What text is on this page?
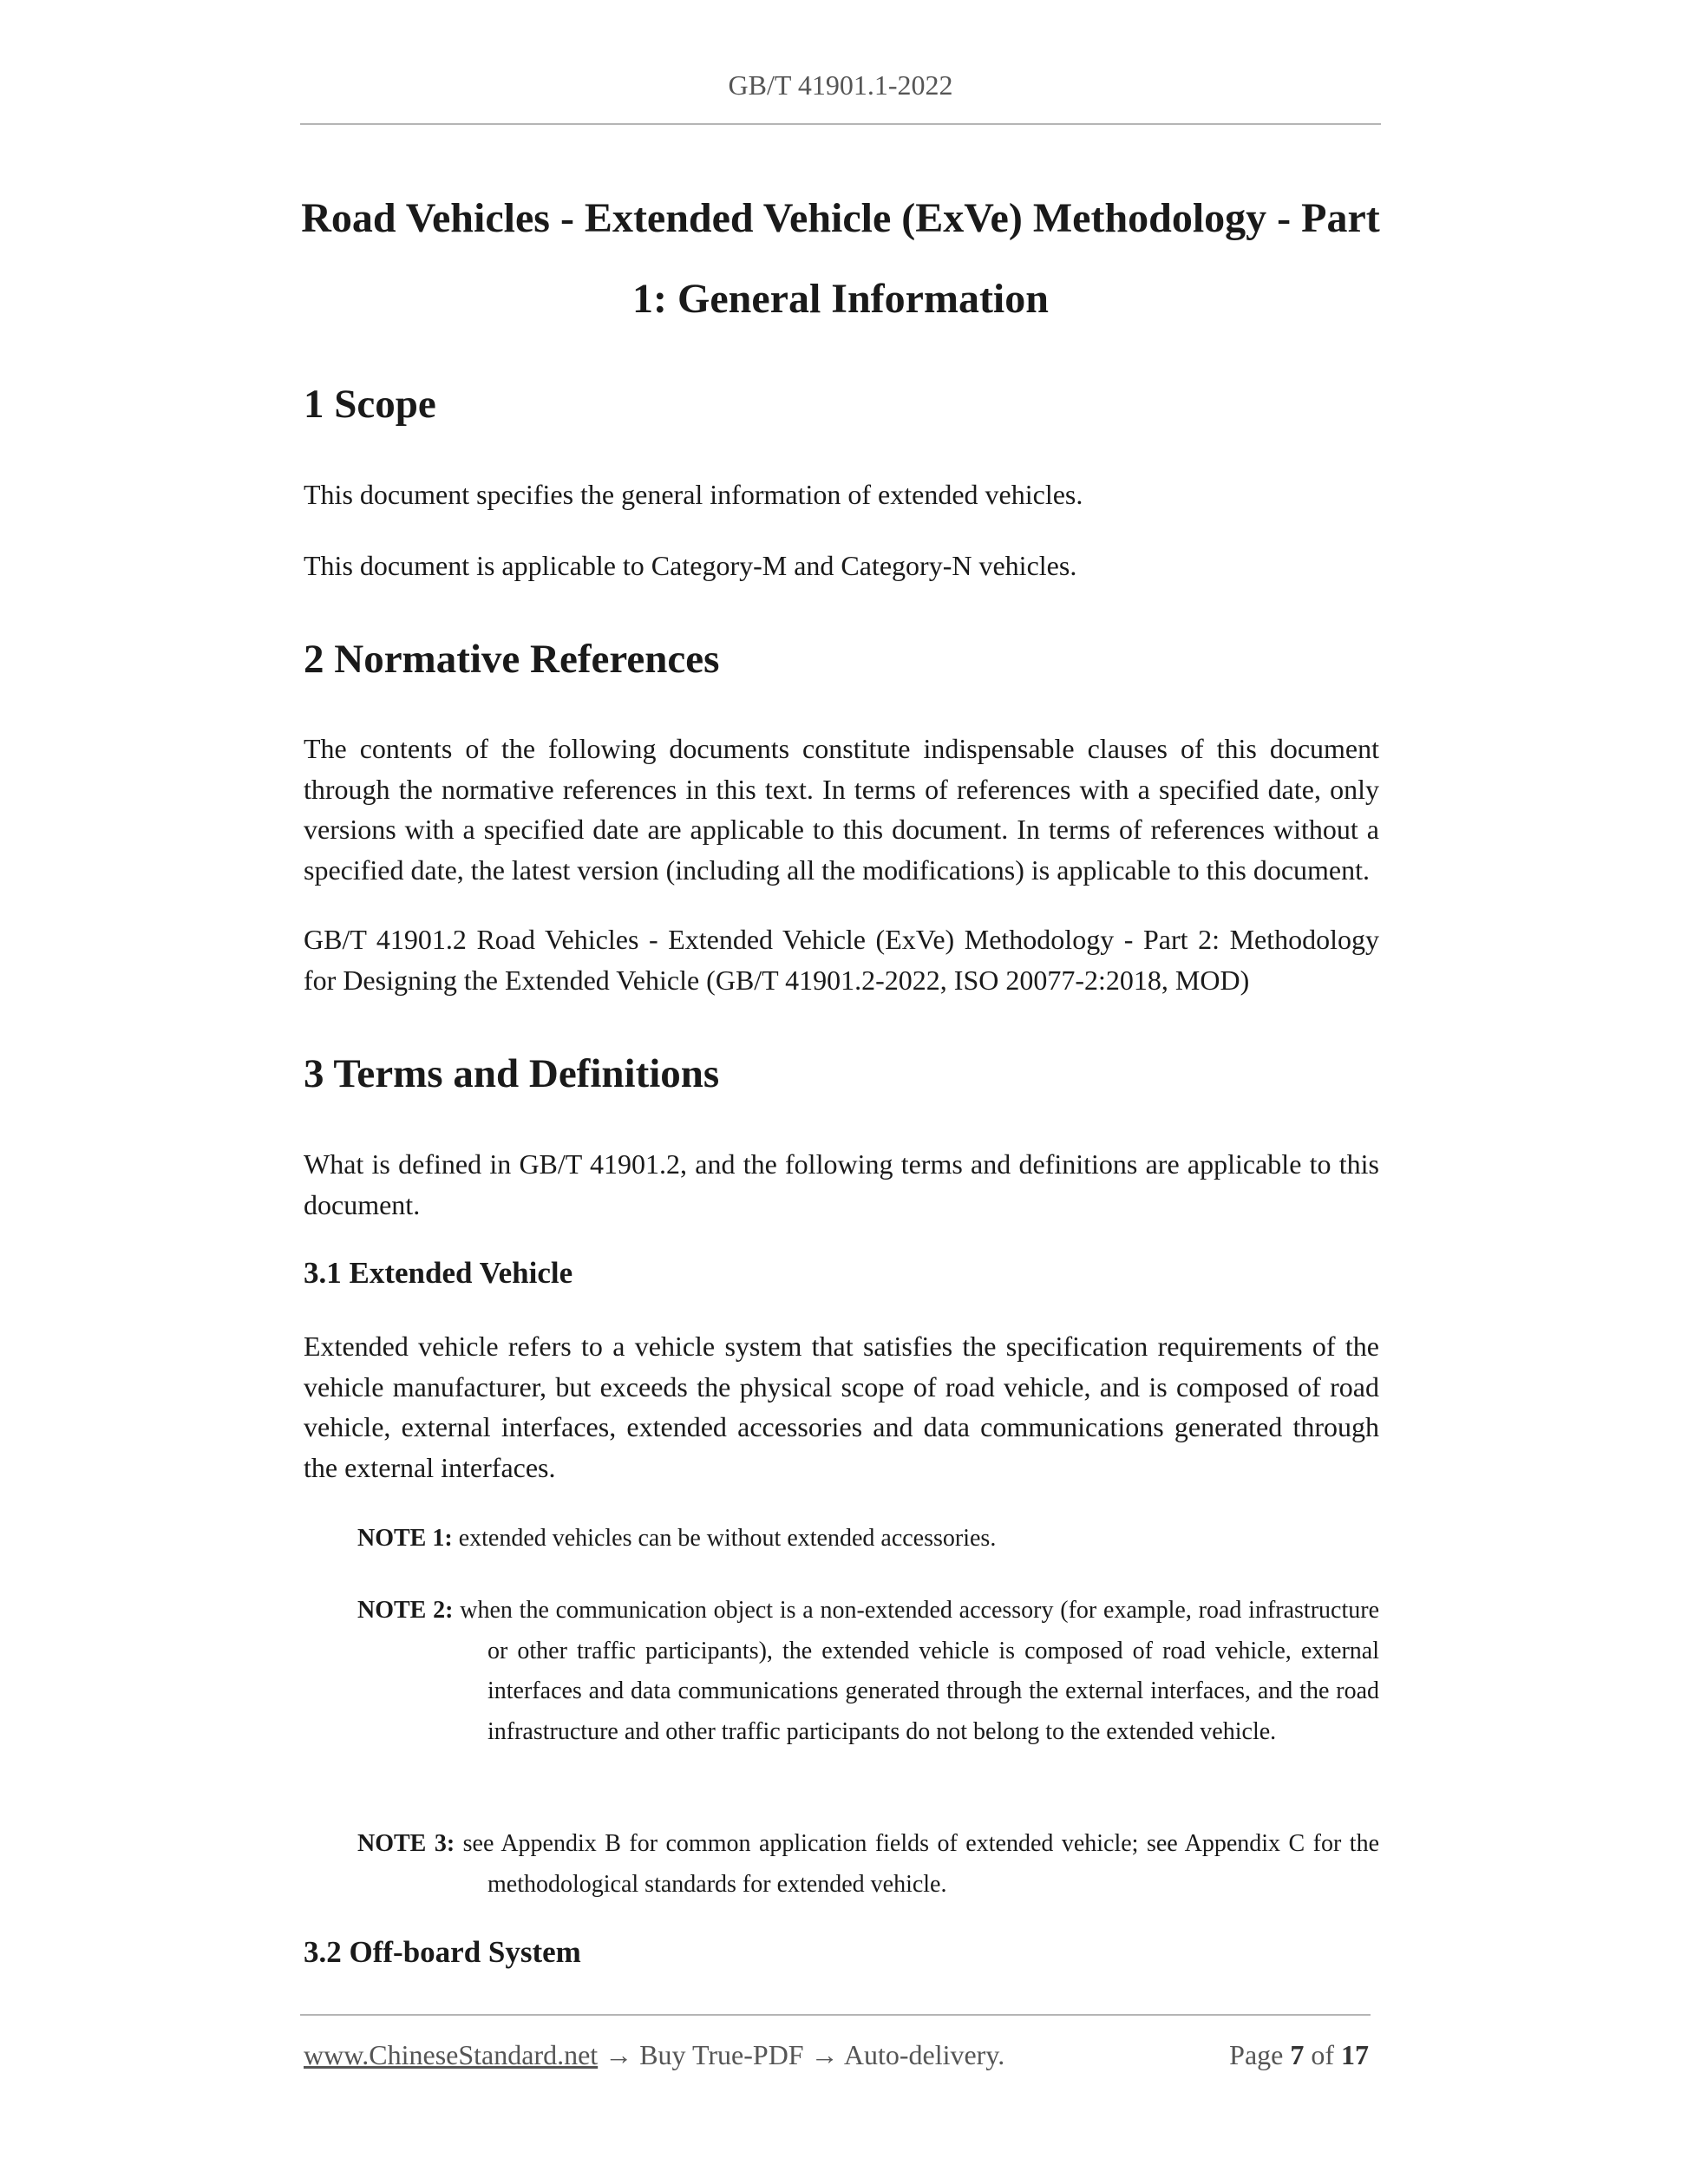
GB/T 41901.1-2022
Road Vehicles - Extended Vehicle (ExVe) Methodology - Part
1: General Information
1 Scope
This document specifies the general information of extended vehicles.
This document is applicable to Category-M and Category-N vehicles.
2 Normative References
The contents of the following documents constitute indispensable clauses of this document through the normative references in this text. In terms of references with a specified date, only versions with a specified date are applicable to this document. In terms of references without a specified date, the latest version (including all the modifications) is applicable to this document.
GB/T 41901.2 Road Vehicles - Extended Vehicle (ExVe) Methodology - Part 2: Methodology for Designing the Extended Vehicle (GB/T 41901.2-2022, ISO 20077-2:2018, MOD)
3 Terms and Definitions
What is defined in GB/T 41901.2, and the following terms and definitions are applicable to this document.
3.1 Extended Vehicle
Extended vehicle refers to a vehicle system that satisfies the specification requirements of the vehicle manufacturer, but exceeds the physical scope of road vehicle, and is composed of road vehicle, external interfaces, extended accessories and data communications generated through the external interfaces.
NOTE 1: extended vehicles can be without extended accessories.
NOTE 2: when the communication object is a non-extended accessory (for example, road infrastructure or other traffic participants), the extended vehicle is composed of road vehicle, external interfaces and data communications generated through the external interfaces, and the road infrastructure and other traffic participants do not belong to the extended vehicle.
NOTE 3: see Appendix B for common application fields of extended vehicle; see Appendix C for the methodological standards for extended vehicle.
3.2 Off-board System
www.ChineseStandard.net → Buy True-PDF → Auto-delivery.	Page 7 of 17
